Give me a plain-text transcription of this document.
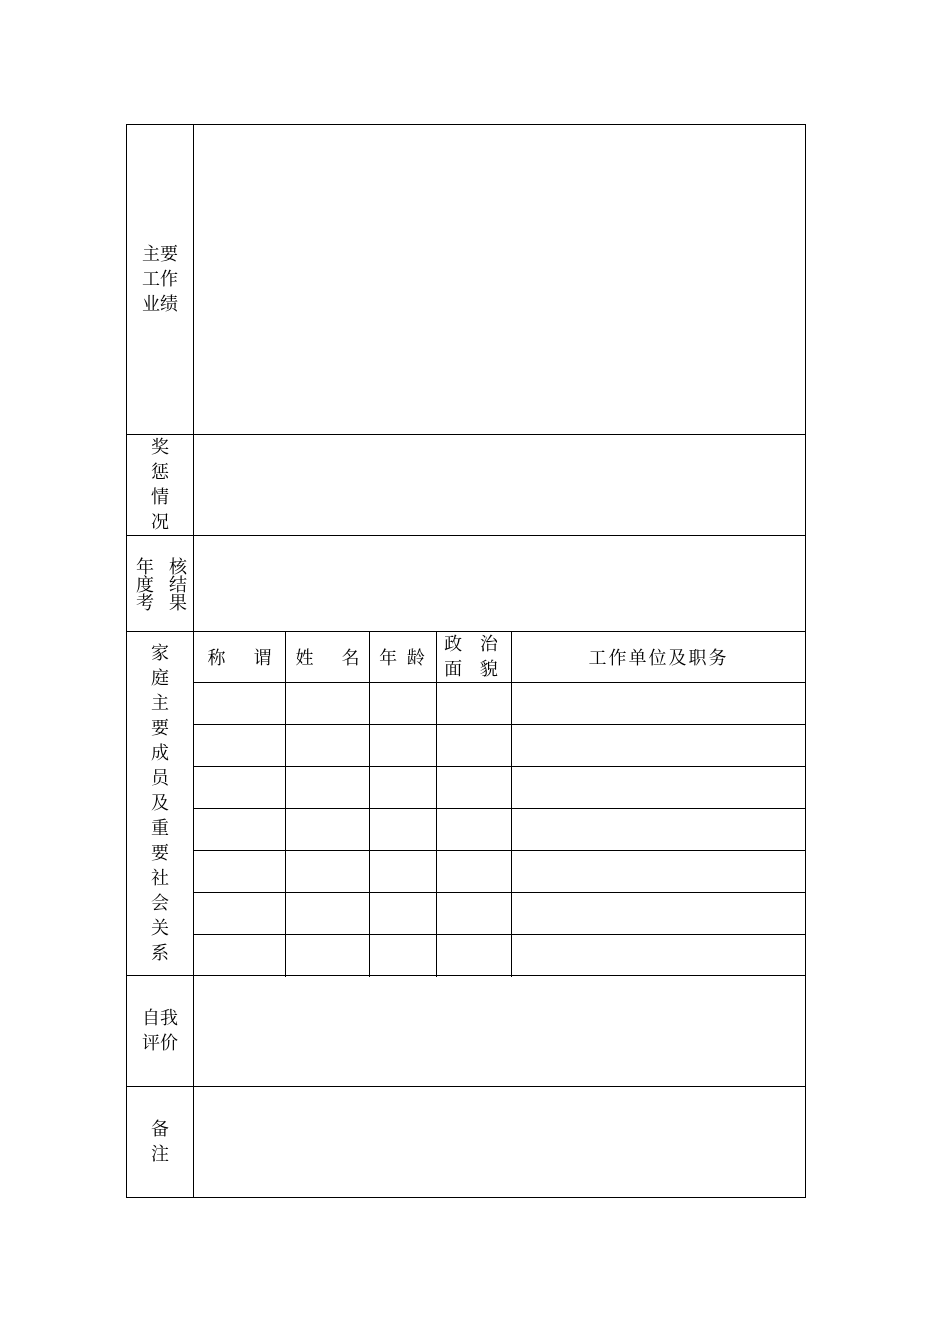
主要
工作
业绩
奖
惩
情
况
核结果
年度考
家
庭
主
要
成
员
及
重
要
社
会
关
系
称 谓 姓 名 年 龄
政 治
面 貌
工作单位及职务
自我
评价
备
注
